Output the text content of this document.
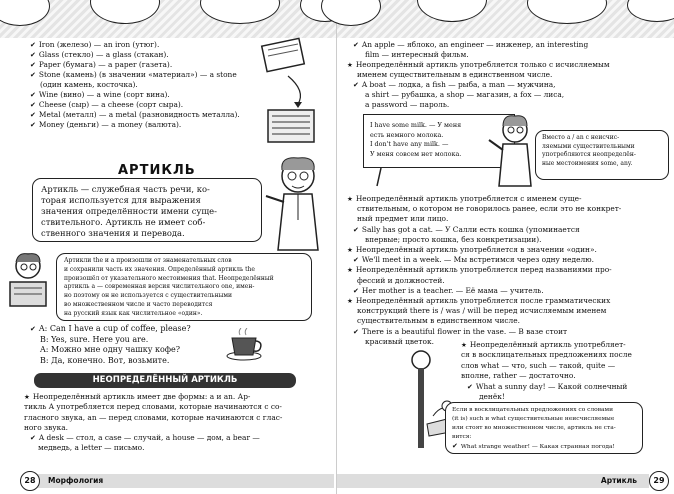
✔ Iron (железо) — an iron (утюг).
✔ Glass (стекло) — a glass (стакан).
✔ Paper (бумага) — a paper (газета).
✔ Stone (камень) (в значении «материал») — a stone
(один камень, косточка).
✔ Wine (вино) — a wine (сорт вина).
✔ Cheese (сыр) — a cheese (сорт сыра).
✔ Metal (металл) — a metal (разновидность металла).
✔ Money (деньги) — a money (валюта).
АРТИКЛЬ
Артикль — служебная часть речи, ко-
торая используется для выражения
значения определённости имени суще-
ствительного. Артикль не имеет соб-
ственного значения и перевода.
Артикли the и a произошли от знаменательных слов
и сохранили часть их значения. Определённый артикль the
произошёл от указательного местоимения that. Неопределённый
артикль a — современная версия числительного one, имен-
но поэтому он не используется с существительными
во множественном числе и часто переводится
на русский язык как числительное «один».
✔ A: Can I have a cup of coffee, please?
B: Yes, sure. Here you are.
A: Можно мне одну чашку кофе?
B: Да, конечно. Вот, возьмите.
НЕОПРЕДЕЛЁННЫЙ АРТИКЛЬ
★ Неопределённый артикль имеет две формы: a и an. Ар-
тикль A употребляется перед словами, которые начинаются с со-
гласного звука, an — перед словами, которые начинаются с глас-
ного звука.
✔ A desk — стол, a case — случай, a house — дом, a bear —
медведь, a letter — письмо.
Морфология
28
✔ An apple — яблоко, an engineer — инженер, an interesting
film — интересный фильм.
★ Неопределённый артикль употребляется только с исчисляемым
именем существительным в единственном числе.
✔ A boat — лодка, a fish — рыба, a man — мужчина,
a shirt — рубашка, a shop — магазин, a fox — лиса,
a password — пароль.
I have some milk. — У меня
есть немного молока.
I don't have any milk. —
У меня совсем нет молока.
Вместо a / an с неисчис-
ляемыми существительными
употребляются неопределён-
ные местоимения some, any.
★ Неопределённый артикль употребляется с именем суще-
ствительным, о котором не говорилось ранее, если это не конкрет-
ный предмет или лицо.
✔ Sally has got a cat. — У Салли есть кошка (упоминается
впервые; просто кошка, без конкретизации).
★ Неопределённый артикль употребляется в значении «один».
✔ We'll meet in a week. — Мы встретимся через одну неделю.
★ Неопределённый артикль употребляется перед названиями про-
фессий и должностей.
✔ Her mother is a teacher. — Её мама — учитель.
★ Неопределённый артикль употребляется после грамматических
конструкций there is / was / will be перед исчисляемым именем
существительным в единственном числе.
✔ There is a beautiful flower in the vase. — В вазе стоит
красивый цветок.
★	Неопределённый артикль употребляет-
ся в восклицательных предложениях после
слов what — что, such — такой, quite —
вполне, rather — достаточно.
✔ What a sunny day! — Какой солнечный
денёк!
Если в восклицательных предложениях со словами
(it is) such и what существительные неисчисляемые
или стоят во множественном числе, артикль не ста-
вится:
✔ What strange weather! — Какая странная погода!
Артикль	29
